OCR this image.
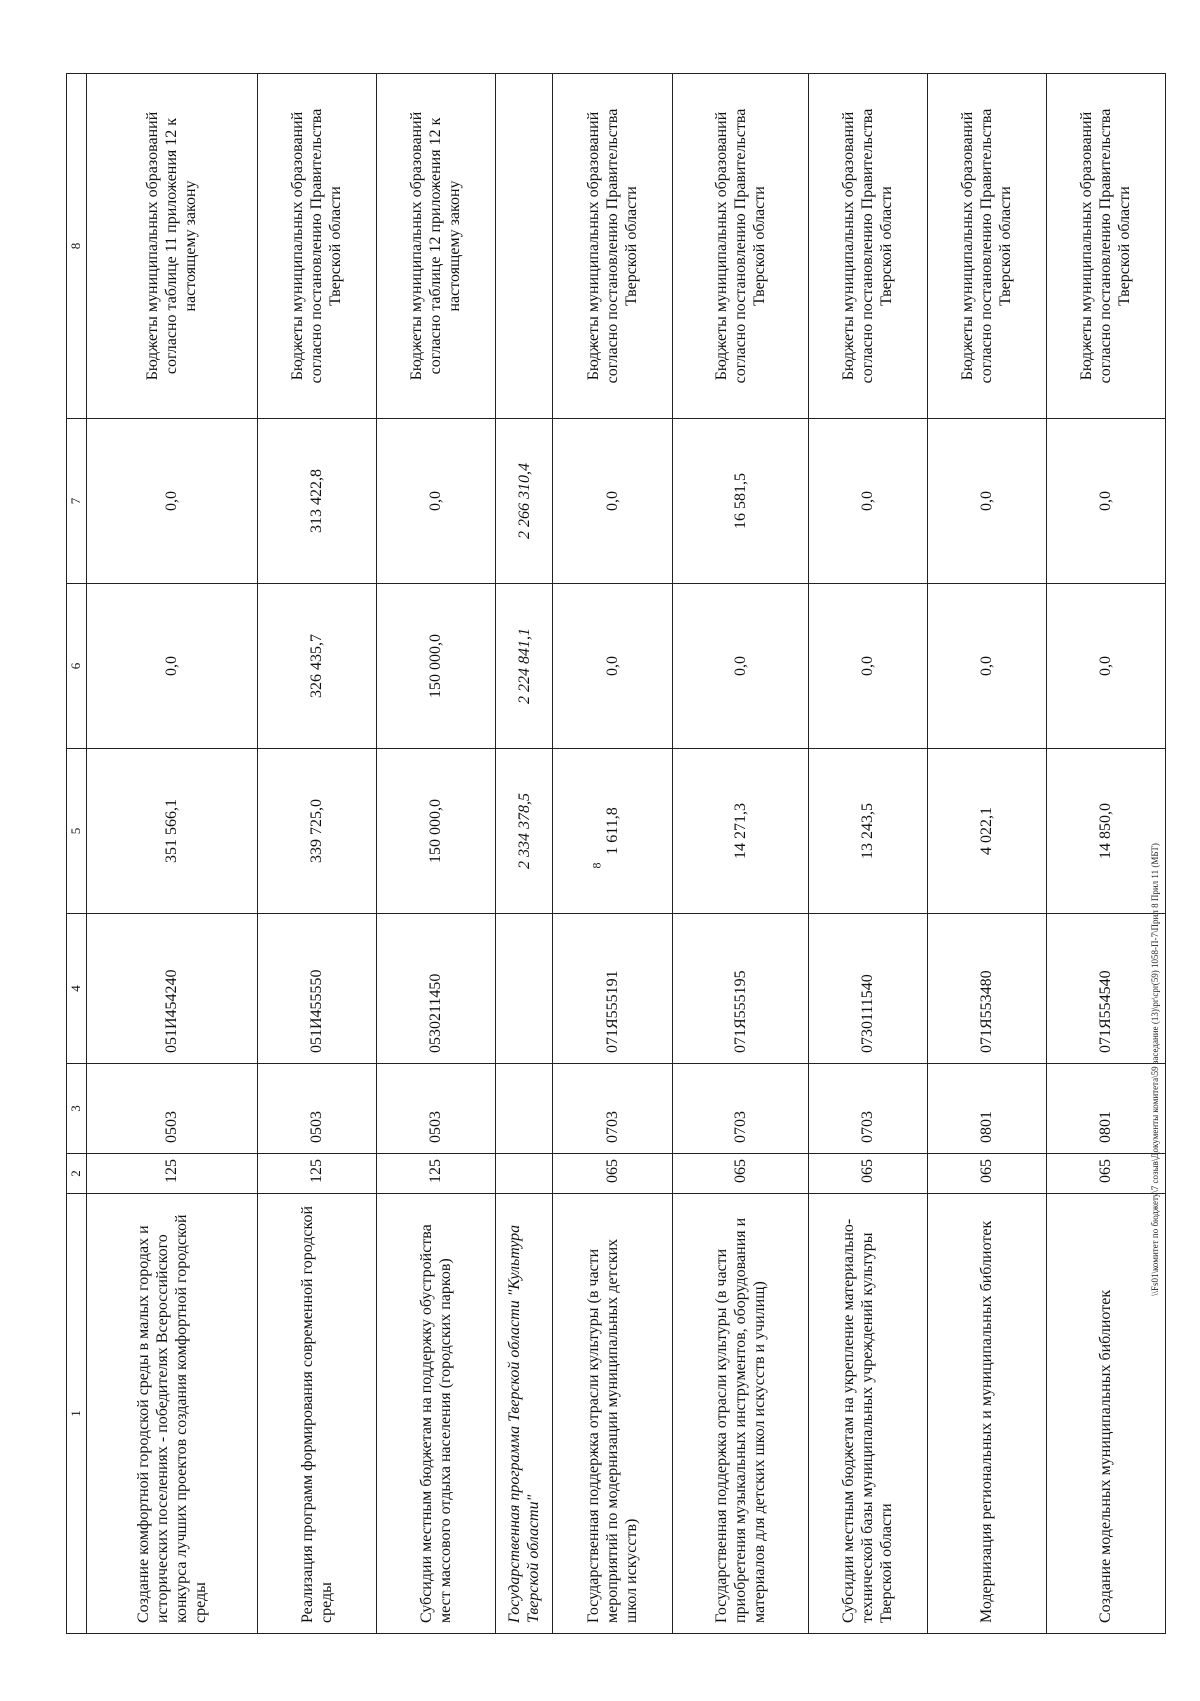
1	2	3	4	5	6	7	8
Создание комфортной городской среды в малых городах и исторических поселениях - победителях Всероссийского конкурса лучших проектов создания комфортной городской среды	125	0503	051И454240	351 566,1	0,0	0,0	Бюджеты муниципальных образований согласно таблице 11 приложения 12 к настоящему закону
Реализация программ формирования современной городской среды	125	0503	051И455550	339 725,0	326 435,7	313 422,8	Бюджеты муниципальных образований согласно постановлению Правительства Тверской области
Субсидии местным бюджетам на поддержку обустройства мест массового отдыха населения (городских парков)	125	0503	0530211450	150 000,0	150 000,0	0,0	Бюджеты муниципальных образований согласно таблице 12 приложения 12 к настоящему закону
Государственная программа Тверской области "Культура Тверской области"				2 334 378,5	2 224 841,1	2 266 310,4	
Государственная поддержка отрасли культуры (в части мероприятий по модернизации муниципальных детских школ искусств)	065	0703	071Я555191	1 611,8	0,0	0,0	Бюджеты муниципальных образований согласно постановлению Правительства Тверской области
Государственная поддержка отрасли культуры (в части приобретения музыкальных инструментов, оборудования и материалов для детских школ искусств и училищ)	065	0703	071Я555195	14 271,3	0,0	16 581,5	Бюджеты муниципальных образований согласно постановлению Правительства Тверской области
Субсидии местным бюджетам на укрепление материально-технической базы муниципальных учреждений культуры Тверской области	065	0703	0730111540	13 243,5	0,0	0,0	Бюджеты муниципальных образований согласно постановлению Правительства Тверской области
Модернизация региональных и муниципальных библиотек	065	0801	071Я553480	4 022,1	0,0	0,0	Бюджеты муниципальных образований согласно постановлению Правительства Тверской области
Создание модельных муниципальных библиотек	065	0801	071Я554540	14 850,0	0,0	0,0	Бюджеты муниципальных образований согласно постановлению Правительства Тверской области
8	\\Fs01\комитет по бюджету\7 созыв\Документы комитета\59 заседание (13)\pr\cpr(59) 1058-П-7\Прил 8 Прил 11 (МБТ)
